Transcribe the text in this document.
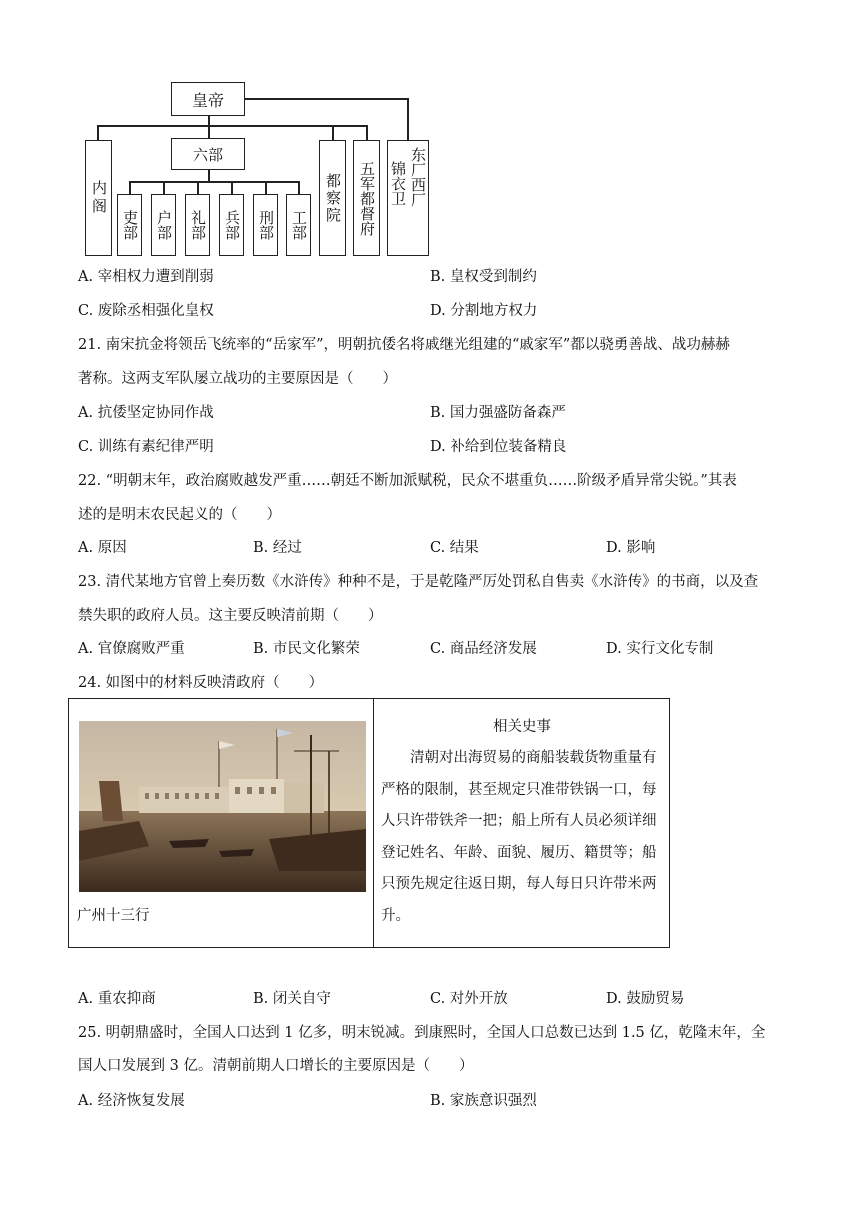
皇帝
内阁
六部
吏部 户部 礼部 兵部 刑部 工部
都察院 五军都督府 东厂西厂
锦衣卫
A. 宰相权力遭到削弱	B. 皇权受到制约
C. 废除丞相强化皇权	D. 分割地方权力
21. 南宋抗金将领岳飞统率的“岳家军”，明朝抗倭名将戚继光组建的“戚家军”都以骁勇善战、战功赫赫
著称。这两支军队屡立战功的主要原因是（　　）
A. 抗倭坚定协同作战	B. 国力强盛防备森严
C. 训练有素纪律严明	D. 补给到位装备精良
22. “明朝末年，政治腐败越发严重……朝廷不断加派赋税，民众不堪重负……阶级矛盾异常尖锐。”其表
述的是明末农民起义的（　　）
A. 原因	B. 经过	C. 结果	D. 影响
23. 清代某地方官曾上奏历数《水浒传》种种不是，于是乾隆严厉处罚私自售卖《水浒传》的书商，以及查
禁失职的政府人员。这主要反映清前期（　　）
A. 官僚腐败严重	B. 市民文化繁荣	C. 商品经济发展	D. 实行文化专制
24. 如图中的材料反映清政府（　　）
广州十三行
相关史事
清朝对出海贸易的商船装载货物重量有严格的限制，甚至规定只准带铁锅一口，每人只许带铁斧一把；船上所有人员必须详细登记姓名、年龄、面貌、履历、籍贯等；船只预先规定往返日期，每人每日只许带米两升。
A. 重农抑商	B. 闭关自守	C. 对外开放	D. 鼓励贸易
25. 明朝鼎盛时，全国人口达到 1 亿多，明末锐减。到康熙时，全国人口总数已达到 1.5 亿，乾隆末年，全
国人口发展到 3 亿。清朝前期人口增长的主要原因是（　　）
A. 经济恢复发展	B. 家族意识强烈
